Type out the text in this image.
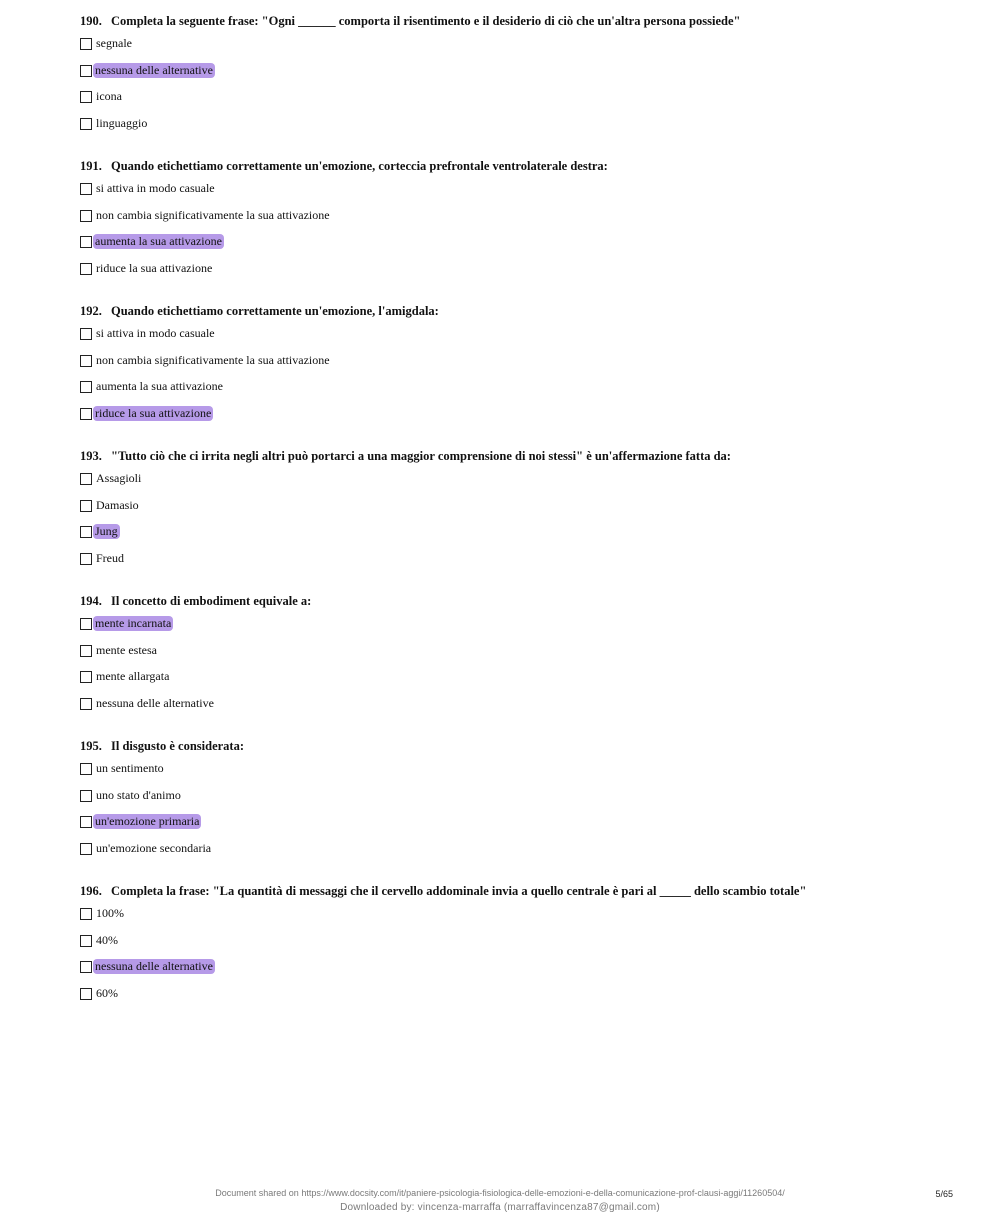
190. Completa la seguente frase: "Ogni ______ comporta il risentimento e il desiderio di ciò che un'altra persona possiede"
segnale
nessuna delle alternative
icona
linguaggio
191. Quando etichettiamo correttamente un'emozione, corteccia prefrontale ventrolaterale destra:
si attiva in modo casuale
non cambia significativamente la sua attivazione
aumenta la sua attivazione
riduce la sua attivazione
192. Quando etichettiamo correttamente un'emozione, l'amigdala:
si attiva in modo casuale
non cambia significativamente la sua attivazione
aumenta la sua attivazione
riduce la sua attivazione
193. "Tutto ciò che ci irrita negli altri può portarci a una maggior comprensione di noi stessi" è un'affermazione fatta da:
Assagioli
Damasio
Jung
Freud
194. Il concetto di embodiment equivale a:
mente incarnata
mente estesa
mente allargata
nessuna delle alternative
195. Il disgusto è considerata:
un sentimento
uno stato d'animo
un'emozione primaria
un'emozione secondaria
196. Completa la frase: "La quantità di messaggi che il cervello addominale invia a quello centrale è pari al _____ dello scambio totale"
100%
40%
nessuna delle alternative
60%
Document shared on https://www.docsity.com/it/paniere-psicologia-fisiologica-delle-emozioni-e-della-comunicazione-prof-clausi-aggi/11260504/
Downloaded by: vincenza-marraffa (marraffavincenza87@gmail.com)
5/65
